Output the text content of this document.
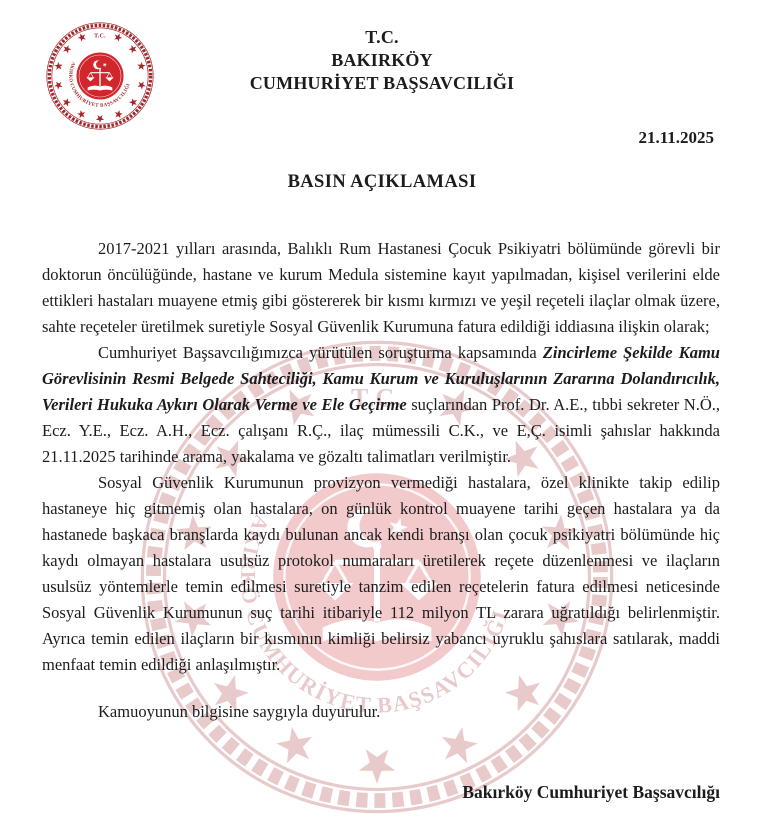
T.C.
BAKIRKÖY
CUMHURİYET BAŞSAVCILIĞI
21.11.2025
BASIN AÇIKLAMASI

2017-2021 yılları arasında, Balıklı Rum Hastanesi Çocuk Psikiyatri bölümünde görevli bir doktorun öncülüğünde, hastane ve kurum Medula sistemine kayıt yapılmadan, kişisel verilerini elde ettikleri hastaları muayene etmiş gibi göstererek bir kısmı kırmızı ve yeşil reçeteli ilaçlar olmak üzere, sahte reçeteler üretilmek suretiyle Sosyal Güvenlik Kurumuna fatura edildiği iddiasına ilişkin olarak;

Cumhuriyet Başsavcılığımızca yürütülen soruşturma kapsamında Zincirleme Şekilde Kamu Görevlisinin Resmi Belgede Sahteciliği, Kamu Kurum ve Kuruluşlarının Zararına Dolandırıcılık, Verileri Hukuka Aykırı Olarak Verme ve Ele Geçirme suçlarından Prof. Dr. A.E., tıbbi sekreter N.Ö., Ecz. Y.E., Ecz. A.H., Ecz. çalışanı R.Ç., ilaç mümessili C.K., ve E,Ç. isimli şahıslar hakkında 21.11.2025 tarihinde arama, yakalama ve gözaltı talimatları verilmiştir.

Sosyal Güvenlik Kurumunun provizyon vermediği hastalara, özel klinikte takip edilip hastaneye hiç gitmemiş olan hastalara, on günlük kontrol muayene tarihi geçen hastalara ya da hastanede başkaca branşlarda kaydı bulunan ancak kendi branşı olan çocuk psikiyatri bölümünde hiç kaydı olmayan hastalara usulsüz protokol numaraları üretilerek reçete düzenlenmesi ve ilaçların usulsüz yöntemlerle temin edilmesi suretiyle tanzim edilen reçetelerin fatura edilmesi neticesinde Sosyal Güvenlik Kurumunun suç tarihi itibariyle 112 milyon TL zarara uğratıldığı belirlenmiştir. Ayrıca temin edilen ilaçların bir kısmının kimliği belirsiz yabancı uyruklu şahıslara satılarak, maddi menfaat temin edildiği anlaşılmıştır.

Kamuoyunun bilgisine saygıyla duyurulur.
Bakırköy Cumhuriyet Başsavcılığı
